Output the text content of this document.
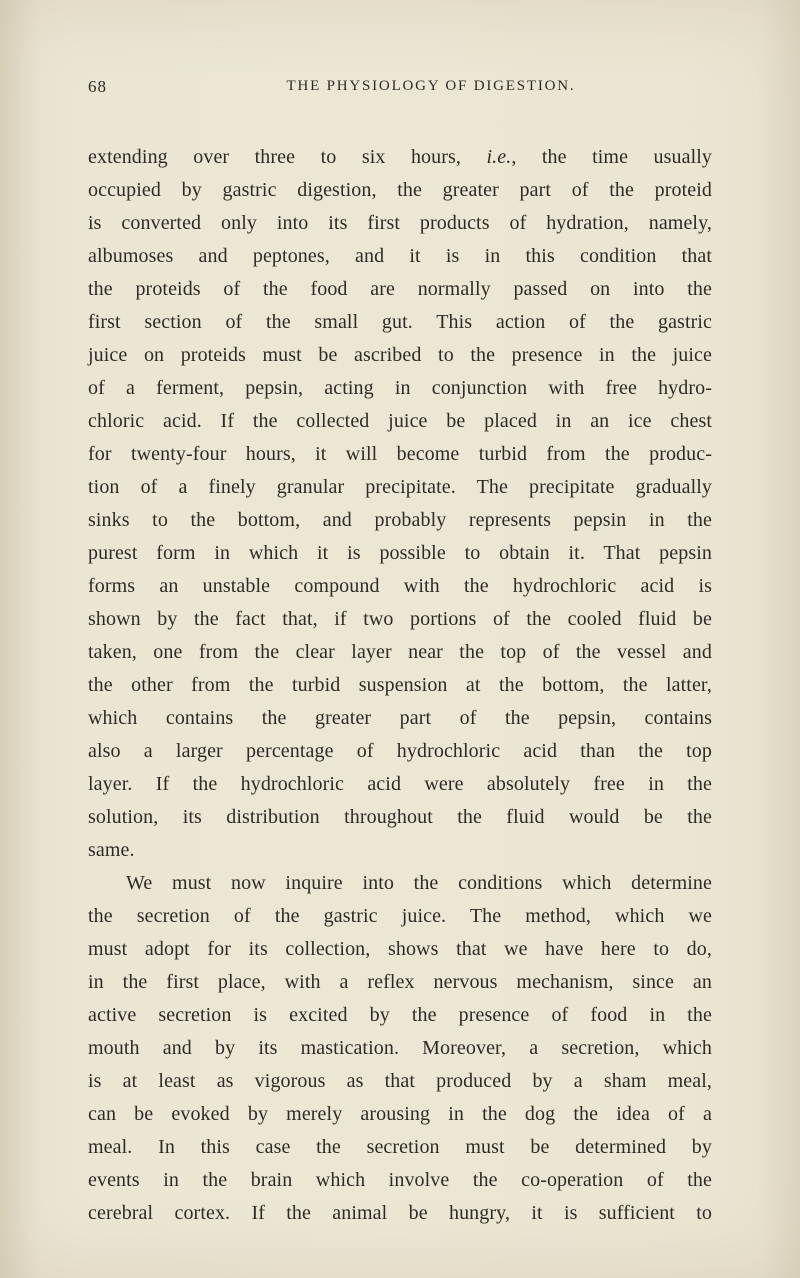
68	THE PHYSIOLOGY OF DIGESTION.
extending over three to six hours, i.e., the time usually
occupied by gastric digestion, the greater part of the proteid
is converted only into its first products of hydration, namely,
albumoses and peptones, and it is in this condition that
the proteids of the food are normally passed on into the
first section of the small gut. This action of the gastric
juice on proteids must be ascribed to the presence in the juice
of a ferment, pepsin, acting in conjunction with free hydro-
chloric acid. If the collected juice be placed in an ice chest
for twenty-four hours, it will become turbid from the produc-
tion of a finely granular precipitate. The precipitate gradually
sinks to the bottom, and probably represents pepsin in the
purest form in which it is possible to obtain it. That pepsin
forms an unstable compound with the hydrochloric acid is
shown by the fact that, if two portions of the cooled fluid be
taken, one from the clear layer near the top of the vessel and
the other from the turbid suspension at the bottom, the latter,
which contains the greater part of the pepsin, contains
also a larger percentage of hydrochloric acid than the top
layer. If the hydrochloric acid were absolutely free in the
solution, its distribution throughout the fluid would be the
same.
We must now inquire into the conditions which determine
the secretion of the gastric juice. The method, which we
must adopt for its collection, shows that we have here to do,
in the first place, with a reflex nervous mechanism, since an
active secretion is excited by the presence of food in the
mouth and by its mastication. Moreover, a secretion, which
is at least as vigorous as that produced by a sham meal,
can be evoked by merely arousing in the dog the idea of a
meal. In this case the secretion must be determined by
events in the brain which involve the co-operation of the
cerebral cortex. If the animal be hungry, it is sufficient to
